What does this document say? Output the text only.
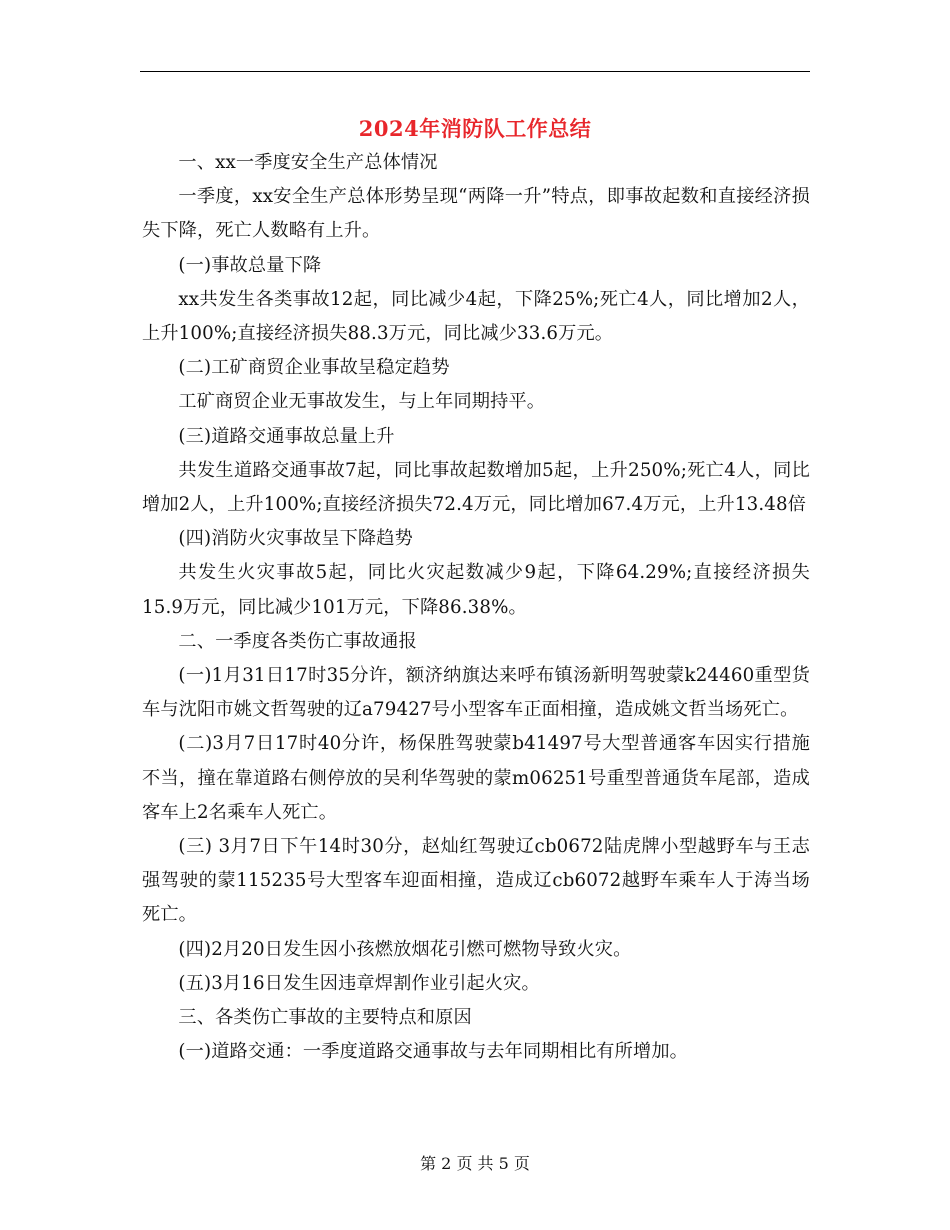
2024年消防队工作总结

一、xx一季度安全生产总体情况

一季度，xx安全生产总体形势呈现“两降一升”特点，即事故起数和直接经济损失下降，死亡人数略有上升。

(一)事故总量下降

xx共发生各类事故12起，同比减少4起，下降25%;死亡4人，同比增加2人，上升100%;直接经济损失88.3万元，同比减少33.6万元。

(二)工矿商贸企业事故呈稳定趋势

工矿商贸企业无事故发生，与上年同期持平。

(三)道路交通事故总量上升

共发生道路交通事故7起，同比事故起数增加5起，上升250%;死亡4人，同比增加2人，上升100%;直接经济损失72.4万元，同比增加67.4万元，上升13.48倍

(四)消防火灾事故呈下降趋势

共发生火灾事故5起，同比火灾起数减少9起，下降64.29%;直接经济损失15.9万元，同比减少101万元，下降86.38%。

二、一季度各类伤亡事故通报

(一)1月31日17时35分许，额济纳旗达来呼布镇汤新明驾驶蒙k24460重型货车与沈阳市姚文哲驾驶的辽a79427号小型客车正面相撞，造成姚文哲当场死亡。

(二)3月7日17时40分许，杨保胜驾驶蒙b41497号大型普通客车因实行措施不当，撞在靠道路右侧停放的吴利华驾驶的蒙m06251号重型普通货车尾部，造成客车上2名乘车人死亡。

(三) 3月7日下午14时30分，赵灿红驾驶辽cb0672陆虎牌小型越野车与王志强驾驶的蒙115235号大型客车迎面相撞，造成辽cb6072越野车乘车人于涛当场死亡。

(四)2月20日发生因小孩燃放烟花引燃可燃物导致火灾。

(五)3月16日发生因违章焊割作业引起火灾。

三、各类伤亡事故的主要特点和原因

(一)道路交通：一季度道路交通事故与去年同期相比有所增加。

第 2 页 共 5 页
